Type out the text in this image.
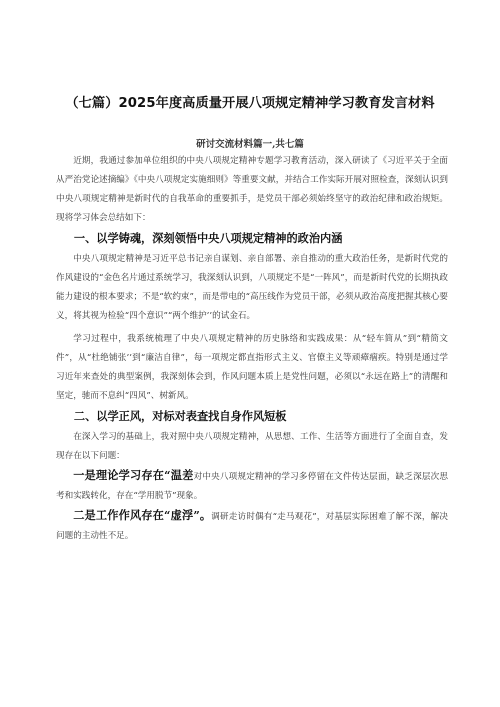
（七篇）2025年度高质量开展八项规定精神学习教育发言材料
研讨交流材料篇一,共七篇

近期，我通过参加单位组织的中央八项规定精神专题学习教育活动，深入研读了《习近平关于全面从严治党论述摘编》《中央八项规定实施细则》等重要文献，并结合工作实际开展对照检查，深刻认识到中央八项规定精神是新时代的自我革命的重要抓手，是党员干部必须始终坚守的政治纪律和政治规矩。现将学习体会总结如下：

一、以学铸魂，深刻领悟中央八项规定精神的政治内涵

中央八项规定精神是习近平总书记亲自谋划、亲自部署、亲自推动的重大政治任务，是新时代党的作风建设的“金色名片通过系统学习，我深刻认识到，八项规定不是“一阵风”，而是新时代党的长期执政能力建设的根本要求；不是“软约束”，而是带电的“高压线作为党员干部，必须从政治高度把握其核心要义，将其视为检验“四个意识”“两个维护’’的试金石。

学习过程中，我系统梳理了中央八项规定精神的历史脉络和实践成果：从“轻车简从”到“精简文件”，从“杜绝铺张’’到“廉洁自律”，每一项规定都直指形式主义、官僚主义等顽瘴痼疾。特别是通过学习近年来查处的典型案例，我深刻体会到，作风问题本质上是党性问题，必须以“永远在路上”的清醒和坚定，驰而不息纠“四风”、树新风。

二、以学正风，对标对表查找自身作风短板

在深入学习的基础上，我对照中央八项规定精神，从思想、工作、生活等方面进行了全面自查，发现存在以下问题：

一是理论学习存在“温差对中央八项规定精神的学习多停留在文件传达层面，缺乏深层次思考和实践转化，存在“学用脱节”现象。

二是工作作风存在“虚浮”。调研走访时偶有“走马观花”，对基层实际困难了解不深，解决问题的主动性不足。
